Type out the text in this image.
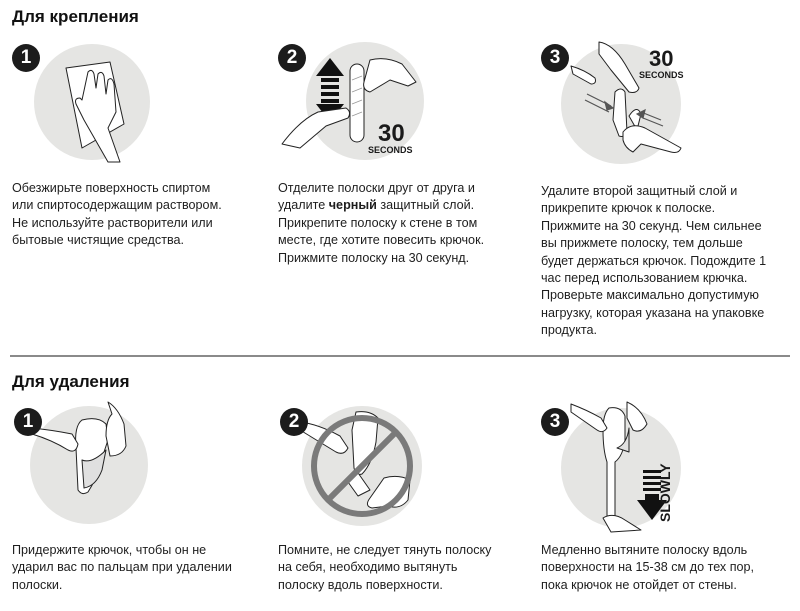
Для крепления
1

Обезжирьте поверхность спиртом
или спиртосодержащим раствором.
Не используйте растворители или
бытовые чистящие средства.

30
SECONDS
2

Отделите полоски друг от друга и
удалите черный защитный слой.
Прикрепите полоску к стене в том
месте, где хотите повесить крючок.
Прижмите полоску на 30 секунд.

30
SECONDS
3

Удалите второй защитный слой и
прикрепите крючок к полоске.
Прижмите на 30 секунд. Чем сильнее
вы прижмете полоску, тем дольше
будет держаться крючок. Подождите 1
час перед использованием крючка.
Проверьте максимально допустимую
нагрузку, которая указана на упаковке
продукта.

Для удаления
1

Придержите крючок, чтобы он не
ударил вас по пальцам при удалении
полоски.

2

Помните, не следует тянуть полоску
на себя, необходимо вытянуть
полоску вдоль поверхности.

SLOWLY
3

Медленно вытяните полоску вдоль
поверхности на 15-38 см до тех пор,
пока крючок не отойдет от стены.
